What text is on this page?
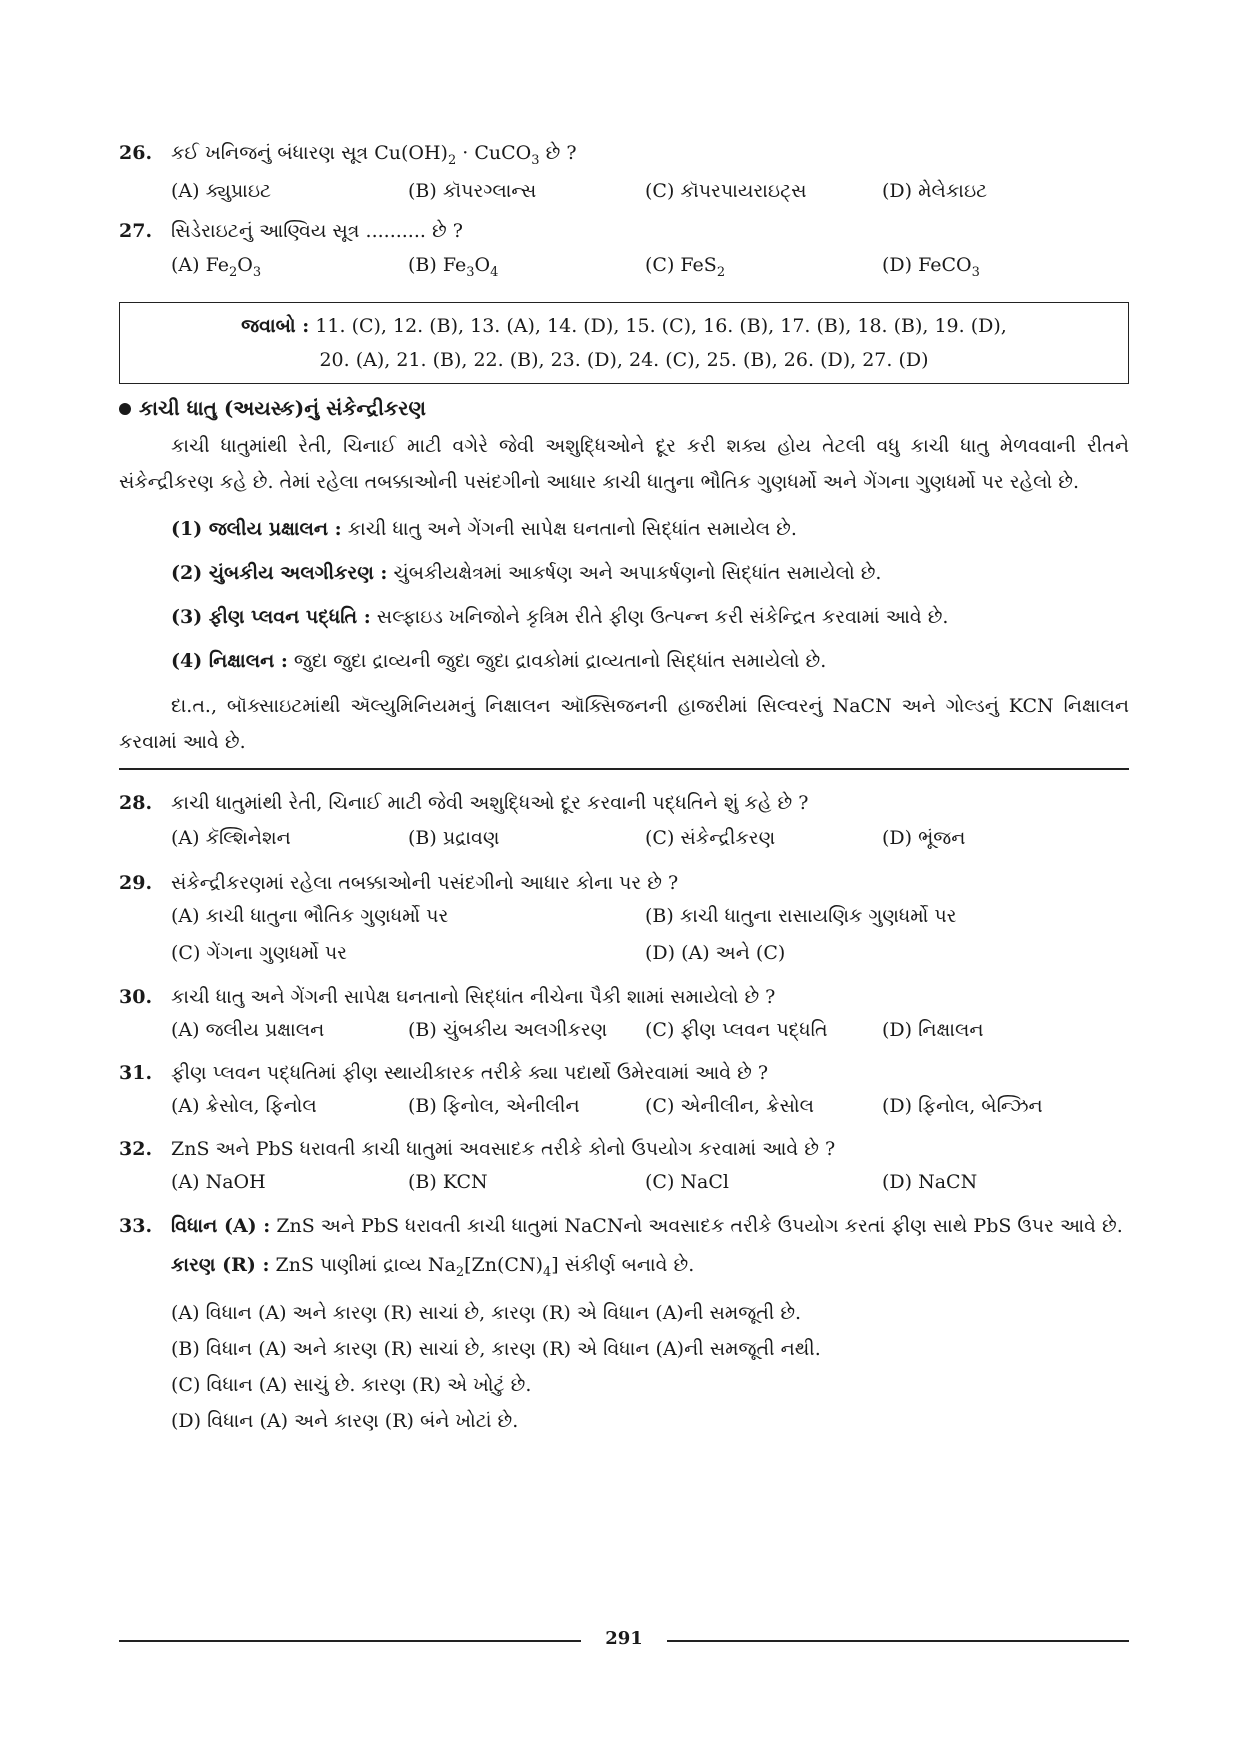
26. કઈ ખનિજનું બંધારણ સૂત્ર $Cu(OH)_2$ · CuCO$_3$ છે ?
(A) ક્યુપ્રાઇટ	(B) કૉપરગ્લાન્સ	(C) કૉપરપાયરાઇટ્સ	(D) મેલેકાઇટ
27. સિડેરાઇટનું આણ્વિય સૂત્ર .......... છે ?
(A) $Fe_2O_3$	(B) $Fe_3O_4$	(C) FeS$_2$	(D) FeCO$_3$
જવાબો : 11. (C), 12. (B), 13. (A), 14. (D), 15. (C), 16. (B), 17. (B), 18. (B), 19. (D),
20. (A), 21. (B), 22. (B), 23. (D), 24. (C), 25. (B), 26. (D), 27. (D)
કાચી ધાતુ (અયસ્ક)નું સંકેન્દ્રીકરણ

કાચી ધાતુમાંથી રેતી, ચિનાઈ માટી વગેરે જેવી અશુદ્ધિઓને દૂર કરી શક્ય હોય તેટલી વધુ કાચી ધાતુ મેળવવાની રીતને સંકેન્દ્રીકરણ કહે છે. તેમાં રહેલા તબક્કાઓની પસંદગીનો આધાર કાચી ધાતુના ભૌતિક ગુણધર્મો અને ગેંગના ગુણધર્મો પર રહેલો છે.

(1) જલીય પ્રક્ષાલન : કાચી ધાતુ અને ગેંગની સાપેક્ષ ઘનતાનો સિદ્ધાંત સમાયેલ છે.
(2) ચુંબકીય અલગીકરણ : ચુંબકીયક્ષેત્રમાં આકર્ષણ અને અપાકર્ષણનો સિદ્ધાંત સમાયેલો છે.
(3) ફીણ પ્લવન પદ્ધતિ : સલ્ફાઇડ ખનિજોને કૃત્રિમ રીતે ફીણ ઉત્પન્ન કરી સંકેન્દ્રિત કરવામાં આવે છે.
(4) નિક્ષાલન : જુદા જુદા દ્રાવ્યની જુદા જુદા દ્રાવકોમાં દ્રાવ્યતાનો સિદ્ધાંત સમાયેલો છે.

દા.ત., બૉક્સાઇટમાંથી ઍલ્યુમિનિયમનું નિક્ષાલન ઑક્સિજનની હાજરીમાં સિલ્વરનું NaCN અને ગોલ્ડનું KCN નિક્ષાલન કરવામાં આવે છે.

28. કાચી ધાતુમાંથી રેતી, ચિનાઈ માટી જેવી અશુદ્ધિઓ દૂર કરવાની પદ્ધતિને શું કહે છે ?
(A) કૅલ્શિનેશન	(B) પ્રદ્રાવણ	(C) સંકેન્દ્રીકરણ	(D) ભૂંજન
29. સંકેન્દ્રીકરણમાં રહેલા તબક્કાઓની પસંદગીનો આધાર કોના પર છે ?
(A) કાચી ધાતુના ભૌતિક ગુણધર્મો પર	(B) કાચી ધાતુના રાસાયણિક ગુણધર્મો પર
(C) ગેંગના ગુણધર્મો પર	(D) (A) અને (C)
30. કાચી ધાતુ અને ગેંગની સાપેક્ષ ઘનતાનો સિદ્ધાંત નીચેના પૈકી શામાં સમાયેલો છે ?
(A) જલીય પ્રક્ષાલન	(B) ચુંબકીય અલગીકરણ	(C) ફીણ પ્લવન પદ્ધતિ	(D) નિક્ષાલન
31. ફીણ પ્લવન પદ્ધતિમાં ફીણ સ્થાયીકારક તરીકે ક્યા પદાર્થો ઉમેરવામાં આવે છે ?
(A) ક્રેસોલ, ફિનોલ	(B) ફિનોલ, એનીલીન	(C) એનીલીન, ક્રેસોલ	(D) ફિનોલ, બેન્ઝિન
32. ZnS અને PbS ધરાવતી કાચી ધાતુમાં અવસાદક તરીકે કોનો ઉપયોગ કરવામાં આવે છે ?
(A) NaOH	(B) KCN	(C) NaCl	(D) NaCN
33. વિધાન (A) : ZnS અને PbS ધરાવતી કાચી ધાતુમાં NaCNનો અવસાદક તરીકે ઉપયોગ કરતાં ફીણ સાથે PbS ઉપર આવે છે.
કારણ (R) : ZnS પાણીમાં દ્રાવ્ય $Na_2[Zn(CN)_4]$ સંકીર્ણ બનાવે છે.
(A) વિધાન (A) અને કારણ (R) સાચાં છે, કારણ (R) એ વિધાન (A)ની સમજૂતી છે.
(B) વિધાન (A) અને કારણ (R) સાચાં છે, કારણ (R) એ વિધાન (A)ની સમજૂતી નથી.
(C) વિધાન (A) સાચું છે. કારણ (R) એ ખોટું છે.
(D) વિધાન (A) અને કારણ (R) બંને ખોટાં છે.
291
